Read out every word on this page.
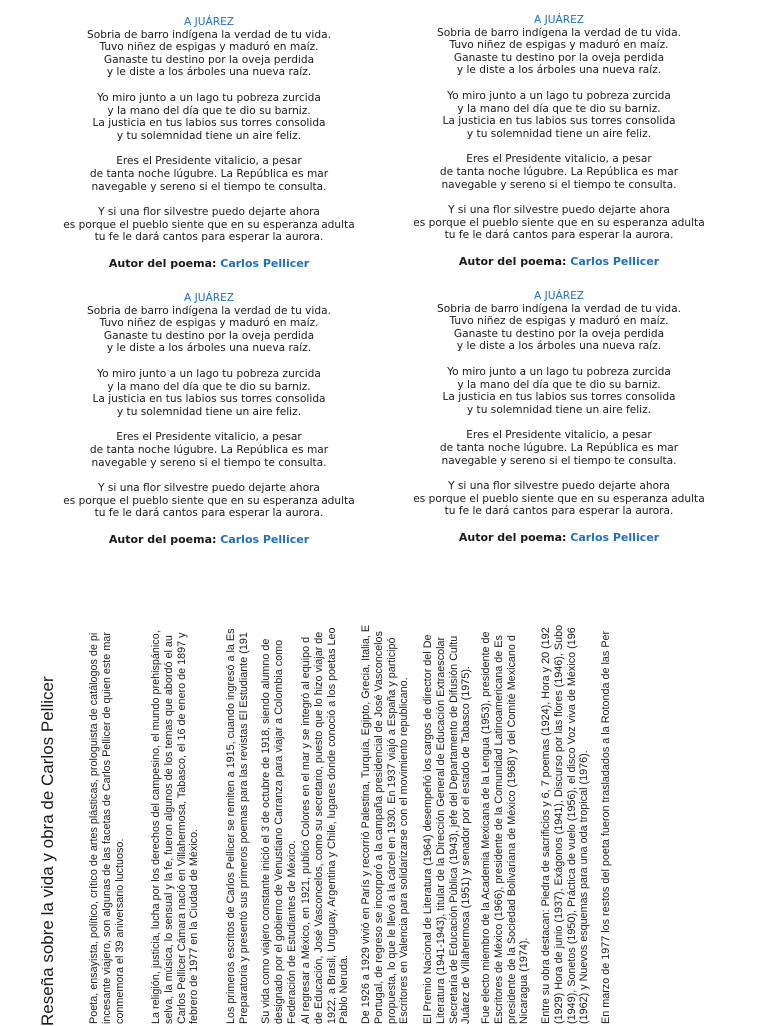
A JUÁREZ
Sobria de barro indígena la verdad de tu vida.
Tuvo niñez de espigas y maduró en maíz.
Ganaste tu destino por la oveja perdida
y le diste a los árboles una nueva raíz.
Yo miro junto a un lago tu pobreza zurcida
y la mano del día que te dio su barniz.
La justicia en tus labios sus torres consolida
y tu solemnidad tiene un aire feliz.
Eres el Presidente vitalicio, a pesar
de tanta noche lúgubre. La República es mar
navegable y sereno si el tiempo te consulta.
Y si una flor silvestre puedo dejarte ahora
es porque el pueblo siente que en su esperanza adulta
tu fe le dará cantos para esperar la aurora.
Autor del poema: Carlos Pellicer
A JUÁREZ
Sobria de barro indígena la verdad de tu vida.
Tuvo niñez de espigas y maduró en maíz.
Ganaste tu destino por la oveja perdida
y le diste a los árboles una nueva raíz.
Yo miro junto a un lago tu pobreza zurcida
y la mano del día que te dio su barniz.
La justicia en tus labios sus torres consolida
y tu solemnidad tiene un aire feliz.
Eres el Presidente vitalicio, a pesar
de tanta noche lúgubre. La República es mar
navegable y sereno si el tiempo te consulta.
Y si una flor silvestre puedo dejarte ahora
es porque el pueblo siente que en su esperanza adulta
tu fe le dará cantos para esperar la aurora.
Autor del poema: Carlos Pellicer
A JUÁREZ
Sobria de barro indígena la verdad de tu vida.
Tuvo niñez de espigas y maduró en maíz.
Ganaste tu destino por la oveja perdida
y le diste a los árboles una nueva raíz.
Yo miro junto a un lago tu pobreza zurcida
y la mano del día que te dio su barniz.
La justicia en tus labios sus torres consolida
y tu solemnidad tiene un aire feliz.
Eres el Presidente vitalicio, a pesar
de tanta noche lúgubre. La República es mar
navegable y sereno si el tiempo te consulta.
Y si una flor silvestre puedo dejarte ahora
es porque el pueblo siente que en su esperanza adulta
tu fe le dará cantos para esperar la aurora.
Autor del poema: Carlos Pellicer
A JUÁREZ
Sobria de barro indígena la verdad de tu vida.
Tuvo niñez de espigas y maduró en maíz.
Ganaste tu destino por la oveja perdida
y le diste a los árboles una nueva raíz.
Yo miro junto a un lago tu pobreza zurcida
y la mano del día que te dio su barniz.
La justicia en tus labios sus torres consolida
y tu solemnidad tiene un aire feliz.
Eres el Presidente vitalicio, a pesar
de tanta noche lúgubre. La República es mar
navegable y sereno si el tiempo te consulta.
Y si una flor silvestre puedo dejarte ahora
es porque el pueblo siente que en su esperanza adulta
tu fe le dará cantos para esperar la aurora.
Autor del poema: Carlos Pellicer
Reseña sobre la vida y obra de Carlos Pellicer	Poeta, ensayista, político, crítico de artes plásticas, prologuista de catálogos de pi incesante viajero, son algunas de las facetas de Carlos Pellicer de quien este mar conmemora el 39 aniversario luctuoso. La religión, justicia, lucha por los derechos del campesino, el mundo prehispánico, selva, la música, lo sensual y la fe, fueron algunos de los temas que abordó el au Carlos Pellicer Cámara nació en Villahermosa, Tabasco, el 16 de enero de 1897 y febrero de 1977 en la Ciudad de México. Los primeros escritos de Carlos Pellicer se remiten a 1915, cuando ingresó a la Es Preparatoria y presentó sus primeros poemas para las revistas El Estudiante (191 Su vida como viajero constante inició el 3 de octubre de 1918, siendo alumno de designado por el gobierno de Venustiano Carranza para viajar a Colombia como Federación de Estudiantes de México. Al regresar a México, en 1921, publicó Colores en el mar y se integró al equipo d de Educación, José Vasconcelos, como su secretario, puesto que lo hizo viajar de 1922, a Brasil, Uruguay, Argentina y Chile, lugares donde conoció a los poetas Leo Pablo Neruda. De 1926 a 1929 vivió en París y recorrió Palestina, Turquía, Egipto, Grecia, Italia, E Portugal, de regreso se incorporó a la campaña presidencial de José Vasconcelos propuesta, lo que le llevó a la cárcel en 1930. En 1937 viajó a España y participó Escritores en Valencia para solidarizarse con el movimiento republicano. El Premio Nacional de Literatura (1964) desempeñó los cargos de director del De Literatura (1941-1943), titular de la Dirección General de Educación Extraescolar Secretaría de Educación Pública (1943), jefe del Departamento de Difusión Cultu Juárez de Villahermosa (1951) y senador por el estado de Tabasco (1975). Fue electo miembro de la Academia Mexicana de la Lengua (1953), presidente de Escritores de México (1966), presidente de la Comunidad Latinoamericana de Es presidente de la Sociedad Bolivariana de México (1968) y del Comité Mexicano d Nicaragua (1974). Entre su obra destacan: Piedra de sacrificios y 6, 7 poemas (1924), Hora y 20 (192 (1929) Hora de junio (1937), Exágonos (1941), Discurso por las flores (1946), Subo (1949), Sonetos (1950), Práctica de vuelo (1956), el disco Voz viva de México (196 (1962) y Nuevos esquemas para una oda tropical (1976). En marzo de 1977 los restos del poeta fueron trasladados a la Rotonda de las Per
